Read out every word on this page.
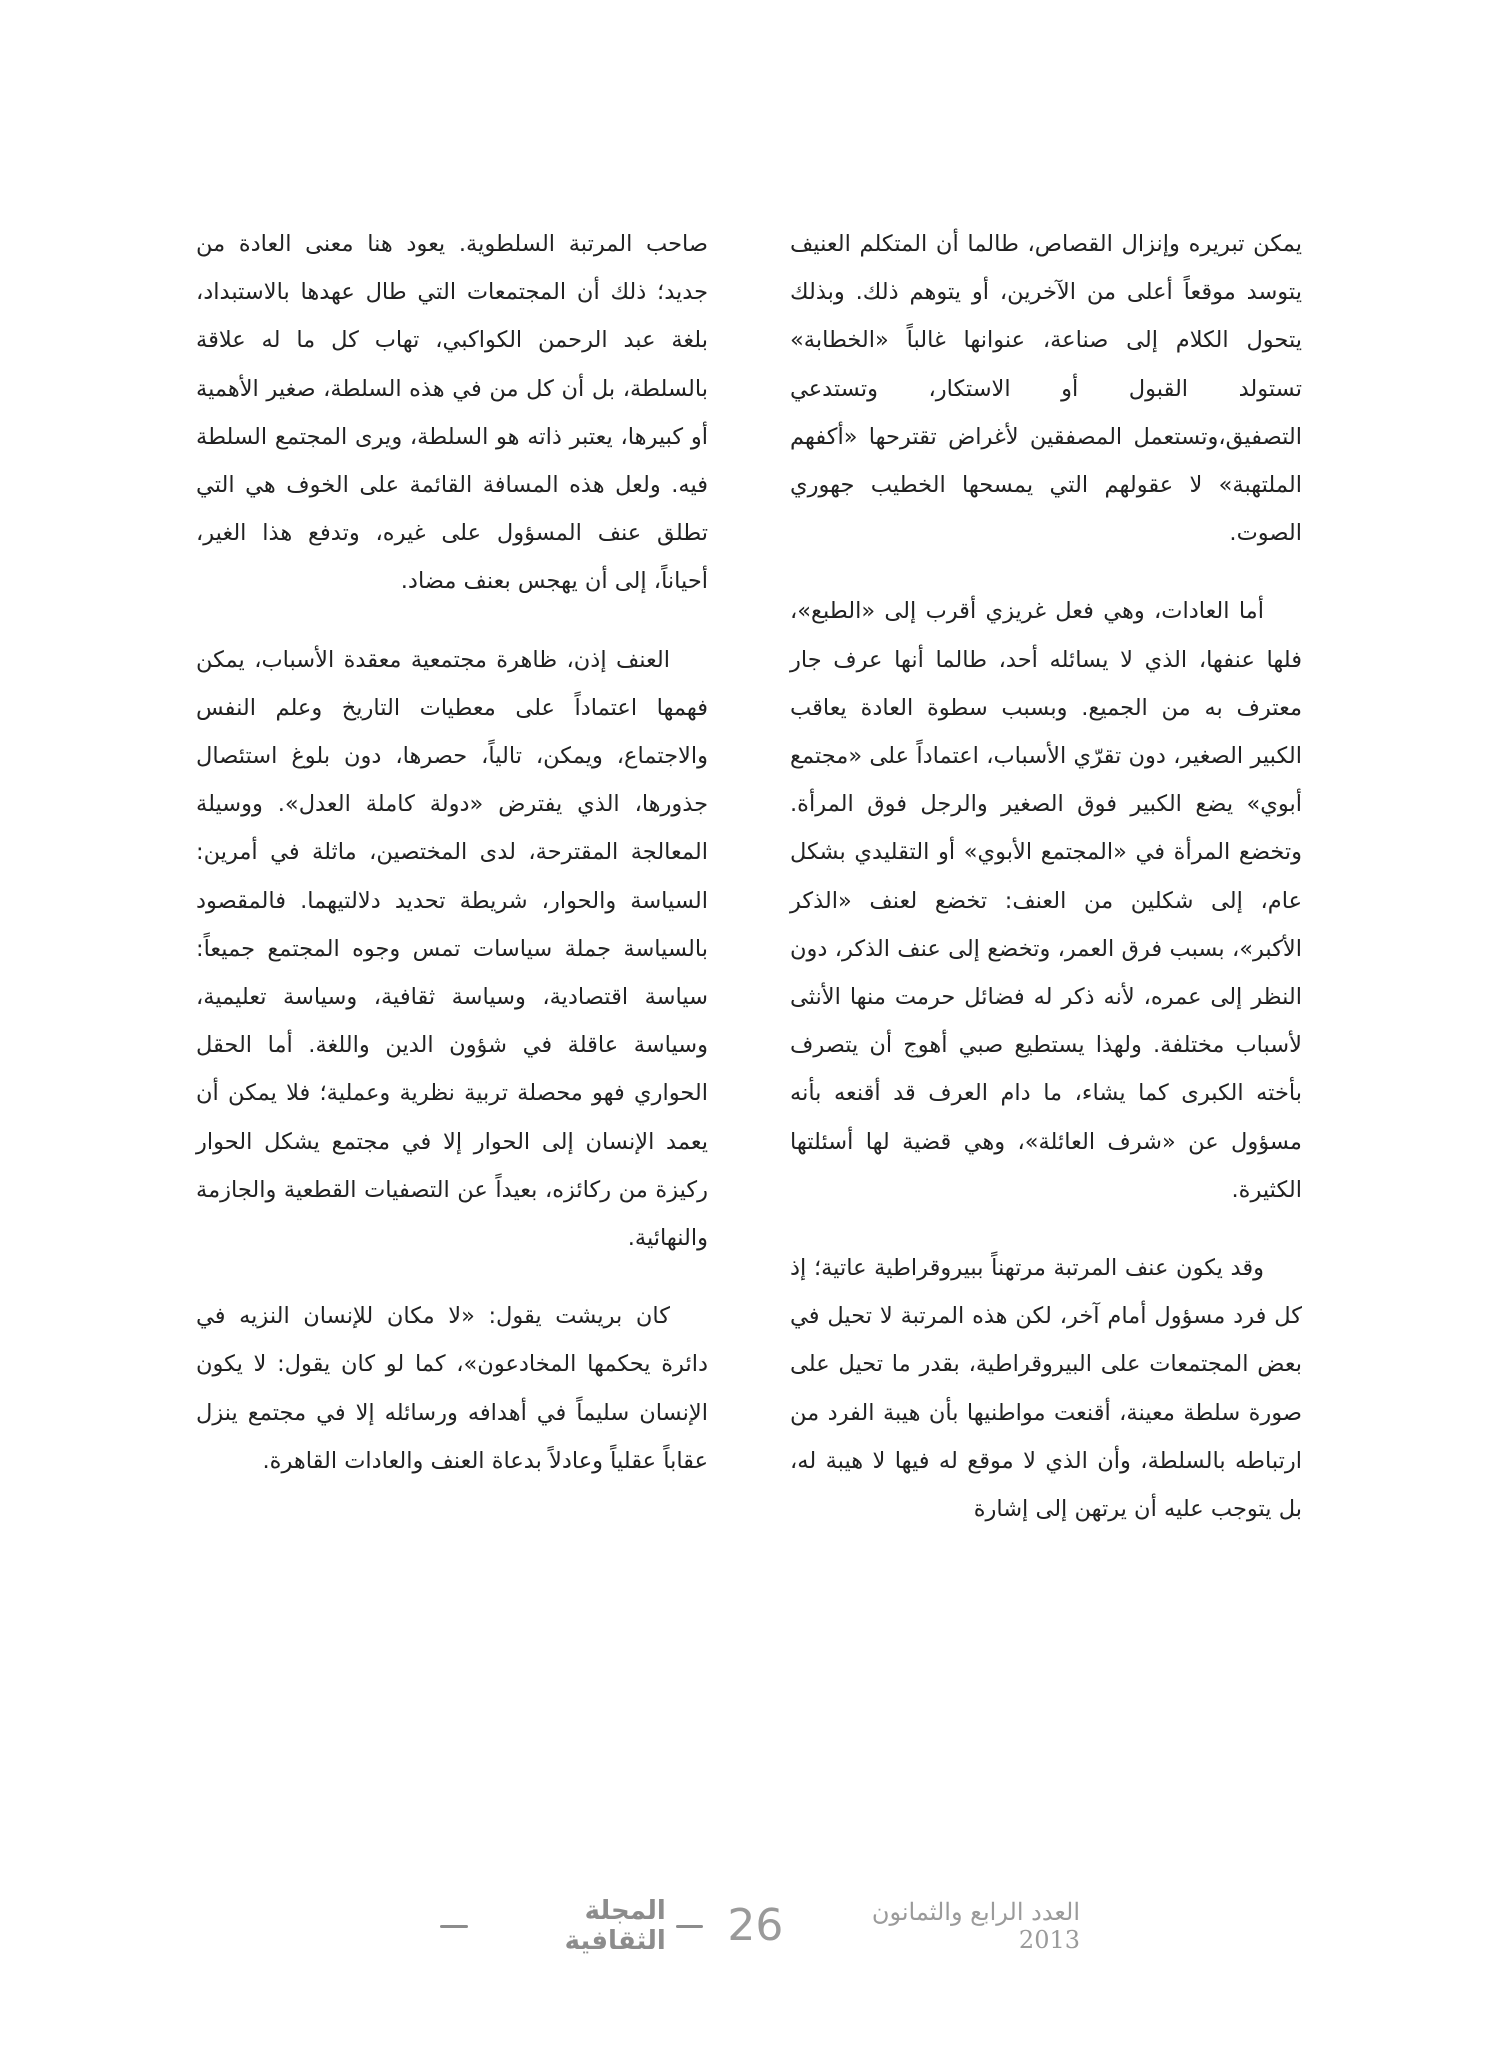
يمكن تبريره وإنزال القصاص، طالما أن المتكلم العنيف يتوسد موقعاً أعلى من الآخرين، أو يتوهم ذلك. وبذلك يتحول الكلام إلى صناعة، عنوانها غالباً «الخطابة» تستولد القبول أو الاستكار، وتستدعي التصفيق،وتستعمل المصفقين لأغراض تقترحها «أكفهم الملتهبة» لا عقولهم التي يمسحها الخطيب جهوري الصوت.

أما العادات، وهي فعل غريزي أقرب إلى «الطبع»، فلها عنفها، الذي لا يسائله أحد، طالما أنها عرف جار معترف به من الجميع. وبسبب سطوة العادة يعاقب الكبير الصغير، دون تقرّي الأسباب، اعتماداً على «مجتمع أبوي» يضع الكبير فوق الصغير والرجل فوق المرأة. وتخضع المرأة في «المجتمع الأبوي» أو التقليدي بشكل عام، إلى شكلين من العنف: تخضع لعنف «الذكر الأكبر»، بسبب فرق العمر، وتخضع إلى عنف الذكر، دون النظر إلى عمره، لأنه ذكر له فضائل حرمت منها الأنثى لأسباب مختلفة. ولهذا يستطيع صبي أهوج أن يتصرف بأخته الكبرى كما يشاء، ما دام العرف قد أقنعه بأنه مسؤول عن «شرف العائلة»، وهي قضية لها أسئلتها الكثيرة.

وقد يكون عنف المرتبة مرتهناً ببيروقراطية عاتية؛ إذ كل فرد مسؤول أمام آخر، لكن هذه المرتبة لا تحيل في بعض المجتمعات على البيروقراطية، بقدر ما تحيل على صورة سلطة معينة، أقنعت مواطنيها بأن هيبة الفرد من ارتباطه بالسلطة، وأن الذي لا موقع له فيها لا هيبة له، بل يتوجب عليه أن يرتهن إلى إشارة

صاحب المرتبة السلطوية. يعود هنا معنى العادة من جديد؛ ذلك أن المجتمعات التي طال عهدها بالاستبداد، بلغة عبد الرحمن الكواكبي، تهاب كل ما له علاقة بالسلطة، بل أن كل من في هذه السلطة، صغير الأهمية أو كبيرها، يعتبر ذاته هو السلطة، ويرى المجتمع السلطة فيه. ولعل هذه المسافة القائمة على الخوف هي التي تطلق عنف المسؤول على غيره، وتدفع هذا الغير، أحياناً، إلى أن يهجس بعنف مضاد.

العنف إذن، ظاهرة مجتمعية معقدة الأسباب، يمكن فهمها اعتماداً على معطيات التاريخ وعلم النفس والاجتماع، ويمكن، تالياً، حصرها، دون بلوغ استئصال جذورها، الذي يفترض «دولة كاملة العدل». ووسيلة المعالجة المقترحة، لدى المختصين، ماثلة في أمرين: السياسة والحوار، شريطة تحديد دلالتيهما. فالمقصود بالسياسة جملة سياسات تمس وجوه المجتمع جميعاً: سياسة اقتصادية، وسياسة ثقافية، وسياسة تعليمية، وسياسة عاقلة في شؤون الدين واللغة. أما الحقل الحواري فهو محصلة تربية نظرية وعملية؛ فلا يمكن أن يعمد الإنسان إلى الحوار إلا في مجتمع يشكل الحوار ركيزة من ركائزه، بعيداً عن التصفيات القطعية والجازمة والنهائية.

كان بريشت يقول: «لا مكان للإنسان النزيه في دائرة يحكمها المخادعون»، كما لو كان يقول: لا يكون الإنسان سليماً في أهدافه ورسائله إلا في مجتمع ينزل عقاباً عقلياً وعادلاً بدعاة العنف والعادات القاهرة.

المجلة الثقافية 26	العدد الرابع والثمانون 2013
